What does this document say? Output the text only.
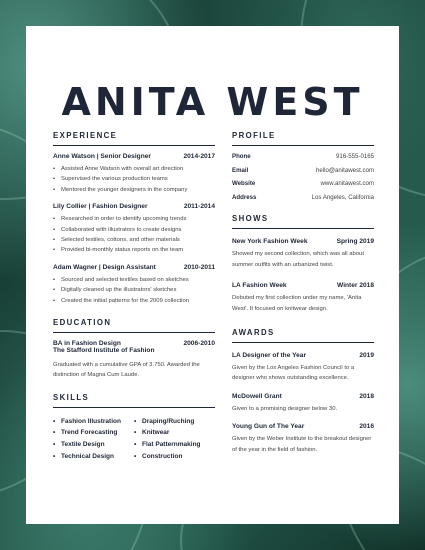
ANITA WEST
EXPERIENCE
Anne Watson | Senior Designer	2014-2017
• Assisted Anne Watson with overall art direction
• Supervised the various production teams
• Mentored the younger designers in the company
Lily Collier | Fashion Designer	2011-2014
• Researched in order to identify upcoming trends
• Collaborated with illustrators to create designs
• Selected textiles, cottons, and other materials
• Provided bi-monthly status reports on the team
Adam Wagner | Design Assistant	2010-2011
• Sourced and selected textiles based on sketches
• Digitally cleaned up the illustrators' sketches
• Created the initial patterns for the 2009 collection
EDUCATION
BA in Fashion Design	2006-2010
The Stafford Institute of Fashion
Graduated with a cumulative GPA of 3.750. Awarded the distinction of Magna Cum Laude.
SKILLS
• Fashion Illustration
• Trend Forecasting
• Textile Design
• Technical Design
• Draping/Ruching
• Knitwear
• Flat Patternmaking
• Construction
PROFILE
Phone	916-555-0165
Email	hello@anitawest.com
Website	www.anitawest.com
Address	Los Angeles, California
SHOWS
New York Fashion Week	Spring 2019
Showed my second collection, which was all about summer outfits with an urbanized twist.
LA Fashion Week	Winter 2018
Debuted my first collection under my name, 'Anita West'. It focused on knitwear design.
AWARDS
LA Designer of the Year	2019
Given by the Los Angeles Fashion Council to a designer who shows outstanding excellence.
McDowell Grant	2018
Given to a promising designer below 30.
Young Gun of The Year	2016
Given by the Weber Institute to the breakout designer of the year in the field of fashion.
